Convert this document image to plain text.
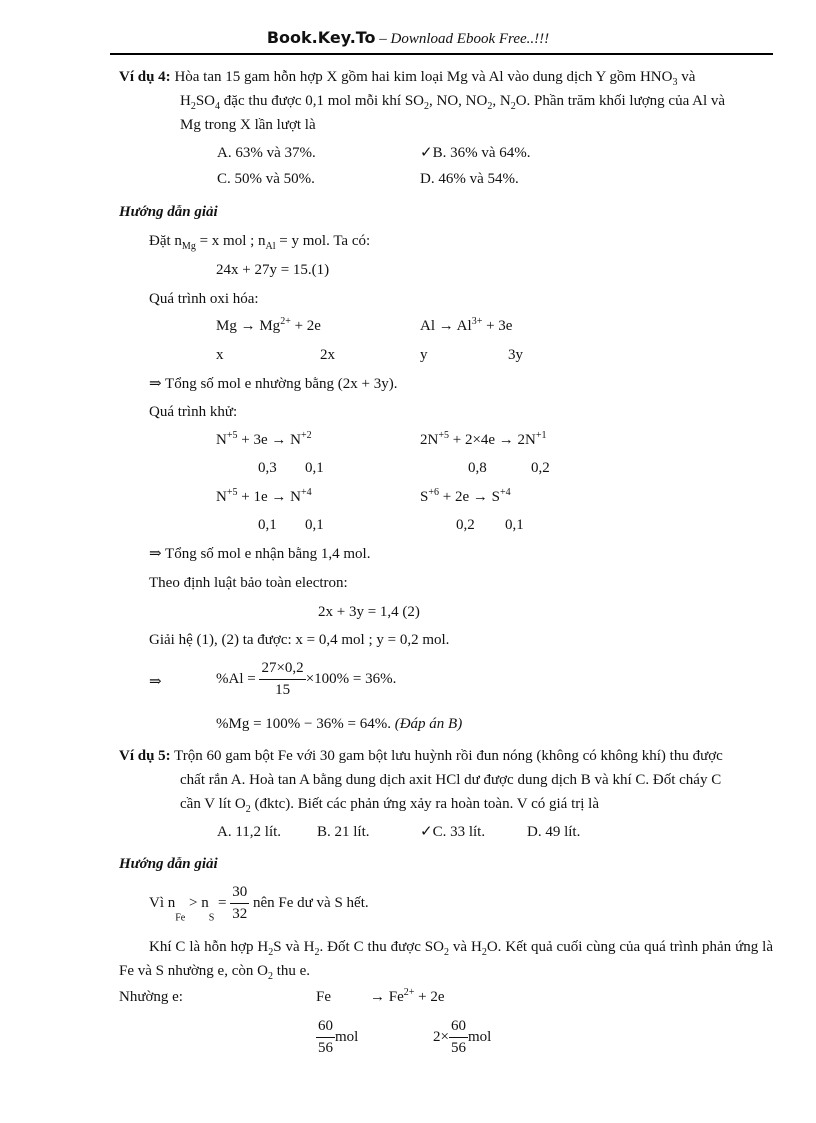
Book.Key.To – Download Ebook Free..!!!
Ví dụ 4: Hòa tan 15 gam hỗn hợp X gồm hai kim loại Mg và Al vào dung dịch Y gồm $HNO_3$ và
$H_2SO_4$ đặc thu được 0,1 mol mỗi khí $SO_2$, NO, $NO_2$, $N_2O$. Phần trăm khối lượng của Al và
Mg trong X lần lượt là
A. 63% và 37%.	✓B. 36% và 64%.
C. 50% và 50%.	D. 46% và 54%.
Hướng dẫn giải
Đặt $n_{Mg} = x$ mol ; $n_{Al} = y$ mol. Ta có:
24x + 27y = 15.(1)
Quá trình oxi hóa:
$Mg \to Mg^{2+} + 2e$	$Al \to Al^{3+} + 3e$
x	2x	y	3y
⇒ Tổng số mol e nhường bằng (2x + 3y).
Quá trình khử:
$N^{+5} + 3e \to N^{+2}$	$2N^{+5} + 2\times 4e \to 2N^{+1}$
0,3 0,1	0,8	0,2
$N^{+5} + 1e \to N^{+4}$	$S^{+6} + 2e \to S^{+4}$
0,1 0,1	0,2 0,1
⇒ Tổng số mol e nhận bằng 1,4 mol.
Theo định luật bảo toàn electron:
2x + 3y = 1,4 (2)
Giải hệ (1), (2) ta được: x = 0,4 mol ; y = 0,2 mol.
⇒	$\%Al = \frac{27\times 0,2}{15} \times 100\% = 36\%$.
%Mg = 100% − 36% = 64%. (Đáp án B)
Ví dụ 5: Trộn 60 gam bột Fe với 30 gam bột lưu huỳnh rồi đun nóng (không có không khí) thu được
chất rắn A. Hoà tan A bằng dung dịch axit HCl dư được dung dịch B và khí C. Đốt cháy C
cần V lít $O_2$ (đktc). Biết các phản ứng xảy ra hoàn toàn. V có giá trị là
A. 11,2 lít. B. 21 lít.	✓C. 33 lít.	D. 49 lít.
Hướng dẫn giải
Vì $n_{Fe} > n_S = \frac{30}{32}$ nên Fe dư và S hết.
Khí C là hỗn hợp $H_2S$ và $H_2$. Đốt C thu được $SO_2$ và $H_2O$. Kết quả cuối cùng của quá trình phản ứng là Fe và S nhường e, còn $O_2$ thu e.
Nhường e:	Fe	→ $Fe^{2+} + 2e$
$\frac{60}{56}$ mol	$2\times \frac{60}{56}$ mol
